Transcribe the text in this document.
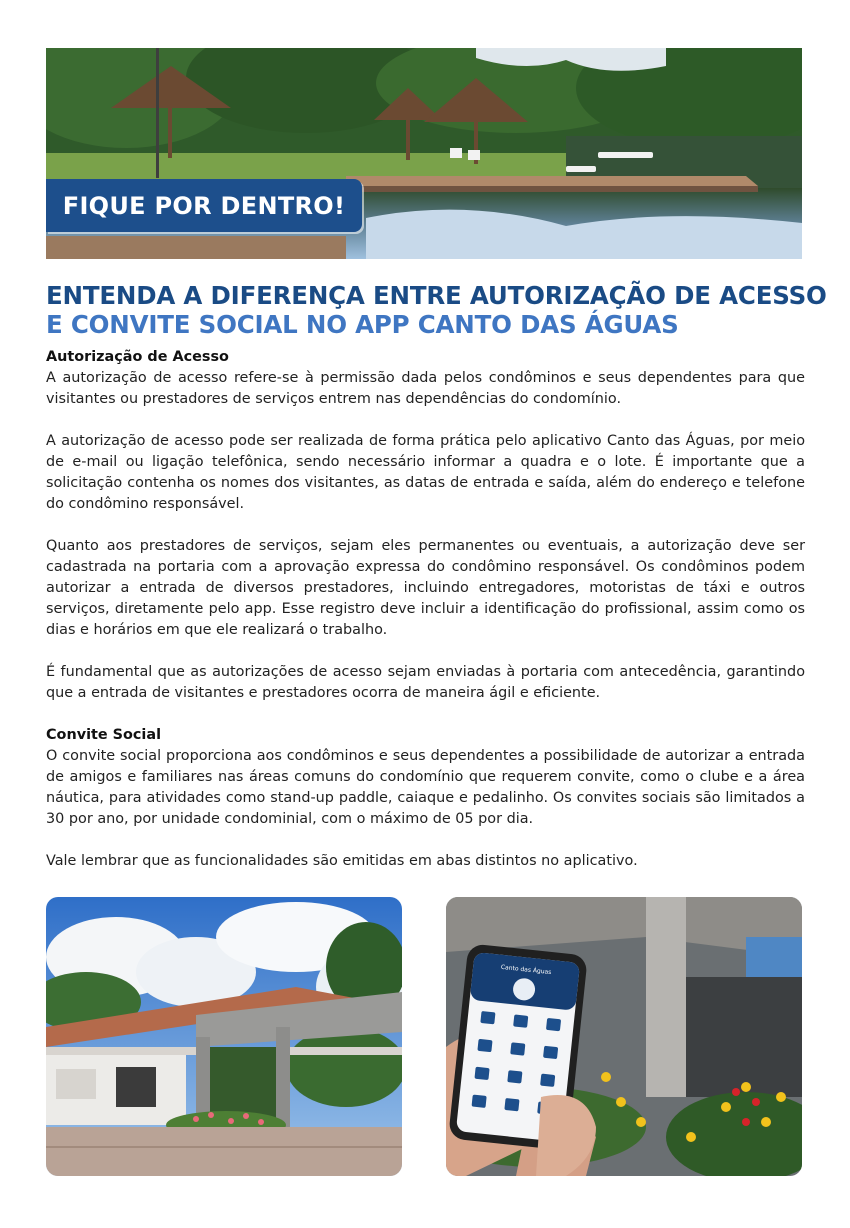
FIQUE POR DENTRO!
ENTENDA A DIFERENÇA ENTRE AUTORIZAÇÃO DE ACESSO
E CONVITE SOCIAL NO APP CANTO DAS ÁGUAS
Autorização de Acesso

A autorização de acesso refere-se à permissão dada pelos condôminos e seus dependentes para que visitantes ou prestadores de serviços entrem nas dependências do condomínio.

A autorização de acesso pode ser realizada de forma prática pelo aplicativo Canto das Águas, por meio de e-mail ou ligação telefônica, sendo necessário informar a quadra e o lote. É importante que a solicitação contenha os nomes dos visitantes, as datas de entrada e saída, além do endereço e telefone do condômino responsável.

Quanto aos prestadores de serviços, sejam eles permanentes ou eventuais, a autorização deve ser cadastrada na portaria com a aprovação expressa do condômino responsável. Os condôminos podem autorizar a entrada de diversos prestadores, incluindo entregadores, motoristas de táxi e outros serviços, diretamente pelo app. Esse registro deve incluir a identificação do profissional, assim como os dias e horários em que ele realizará o trabalho.

É fundamental que as autorizações de acesso sejam enviadas à portaria com antecedência, garantindo que a entrada de visitantes e prestadores ocorra de maneira ágil e eficiente.

Convite Social

O convite social proporciona aos condôminos e seus dependentes a possibilidade de autorizar a entrada de amigos e familiares nas áreas comuns do condomínio que requerem convite, como o clube e a área náutica, para atividades como stand-up paddle, caiaque e pedalinho. Os convites sociais são limitados a 30 por ano, por unidade condominial, com o máximo de 05 por dia.

Vale lembrar que as funcionalidades são emitidas em abas distintos no aplicativo.

Canto das Águas
